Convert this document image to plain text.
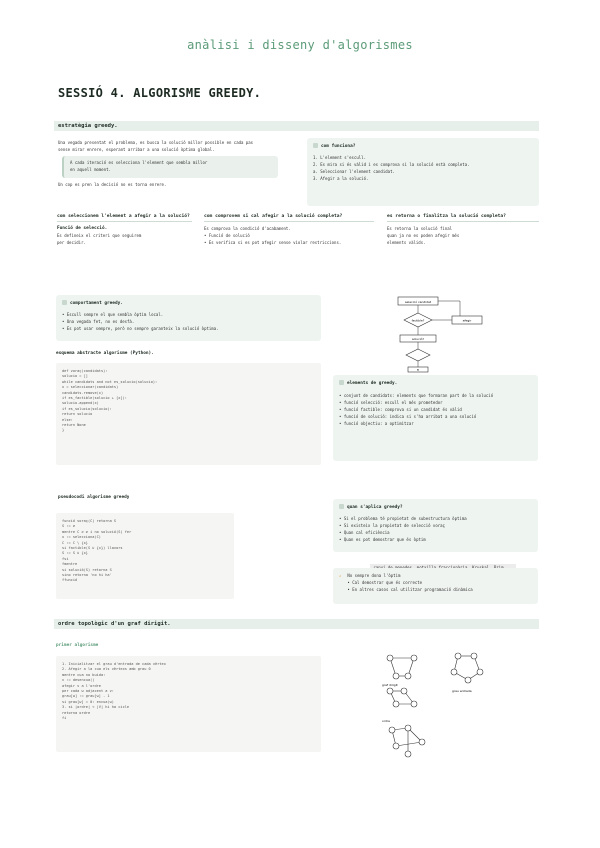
anàlisi i disseny d'algorismes
SESSIÓ 4. ALGORISME GREEDY.
estratègia greedy.
Una vegada presentat el problema, es busca la solució millor possible en cada pas
sense mirar enrere, esperant arribar a una solució òptima global.
A cada iteració es selecciona l'element que sembla millor
en aquell moment.
Un cop es pren la decisió no es torna enrere.
com funciona?
1. L'element s'escull.
2. Es mira si és vàlid i es comprova si la solució està completa.
a. Seleccionar l'element candidat.
3. Afegir a la solució.
com seleccionem l'element a afegir a la solució?
Funció de selecció.
Es defineix el criteri que seguirem
per decidir.
com comprovem si cal afegir a la solució completa?
Es comprova la condició d'acabament.
• Funció de solució
• Es verifica si es pot afegir sense violar restriccions.
es retorna o finalitza la solució completa?
Es retorna la solució final
quan ja no es poden afegir més
elements vàlids.
comportament greedy.
• Escull sempre el que sembla òptim local.
• Una vegada fet, no es desfà.
• Es pot usar sempre, però no sempre garanteix la solució òptima.
selecció candidat
factible?	afegir
solució?
fi
esquema abstracte algorisme (Python).
def voraç(candidats):
solucio = []
while candidats and not es_solucio(solucio):
x = seleccionar(candidats)
candidats.remove(x)
if es_factible(solucio + [x]):
solucio.append(x)
if es_solucio(solucio):
return solucio
else:
return None
}
elements de greedy.
• conjunt de candidats: elements que formaran part de la solució
• funció selecció: escull el més prometedor
• funció factible: comprova si un candidat és vàlid
• funció de solució: indica si s'ha arribat a una solució
• funció objectiu: a optimitzar
pseudocodi algorisme greedy
funció voraç(C) retorna S
S := ∅
mentre C ≠ ∅ i no solució(S) fer
x := selecciona(C)
C := C \ {x}
si factible(S ∪ {x}) llavors
S := S ∪ {x}
fsi
fmentre
si solució(S) retorna S
sino retorna 'no hi ha'
ffunció
quan s'aplica greedy?
• Si el problema té propietat de subestructura òptima
• Si existeix la propietat de selecció voraç
• Quan cal eficiència
• Quan es pot demostrar que és òptim
⚠ No sempre dona l'òptim
• Cal demostrar que és correcte
• En altres casos cal utilitzar programació dinàmica
ordre topològic d'un graf dirigit.
primer algorisme
1. Inicialitzar el grau d'entrada de cada vèrtex
2. Afegir a la cua els vèrtexs amb grau 0
mentre cua no buida:
v := desencua()
afegir v a l'ordre
per cada w adjacent a v:
grau[w] := grau[w] - 1
si grau[w] = 0: encua(w)
3. si |ordre| < |V| hi ha cicle
retorna ordre
fi
graf dirigit
grau entrada
ordre
